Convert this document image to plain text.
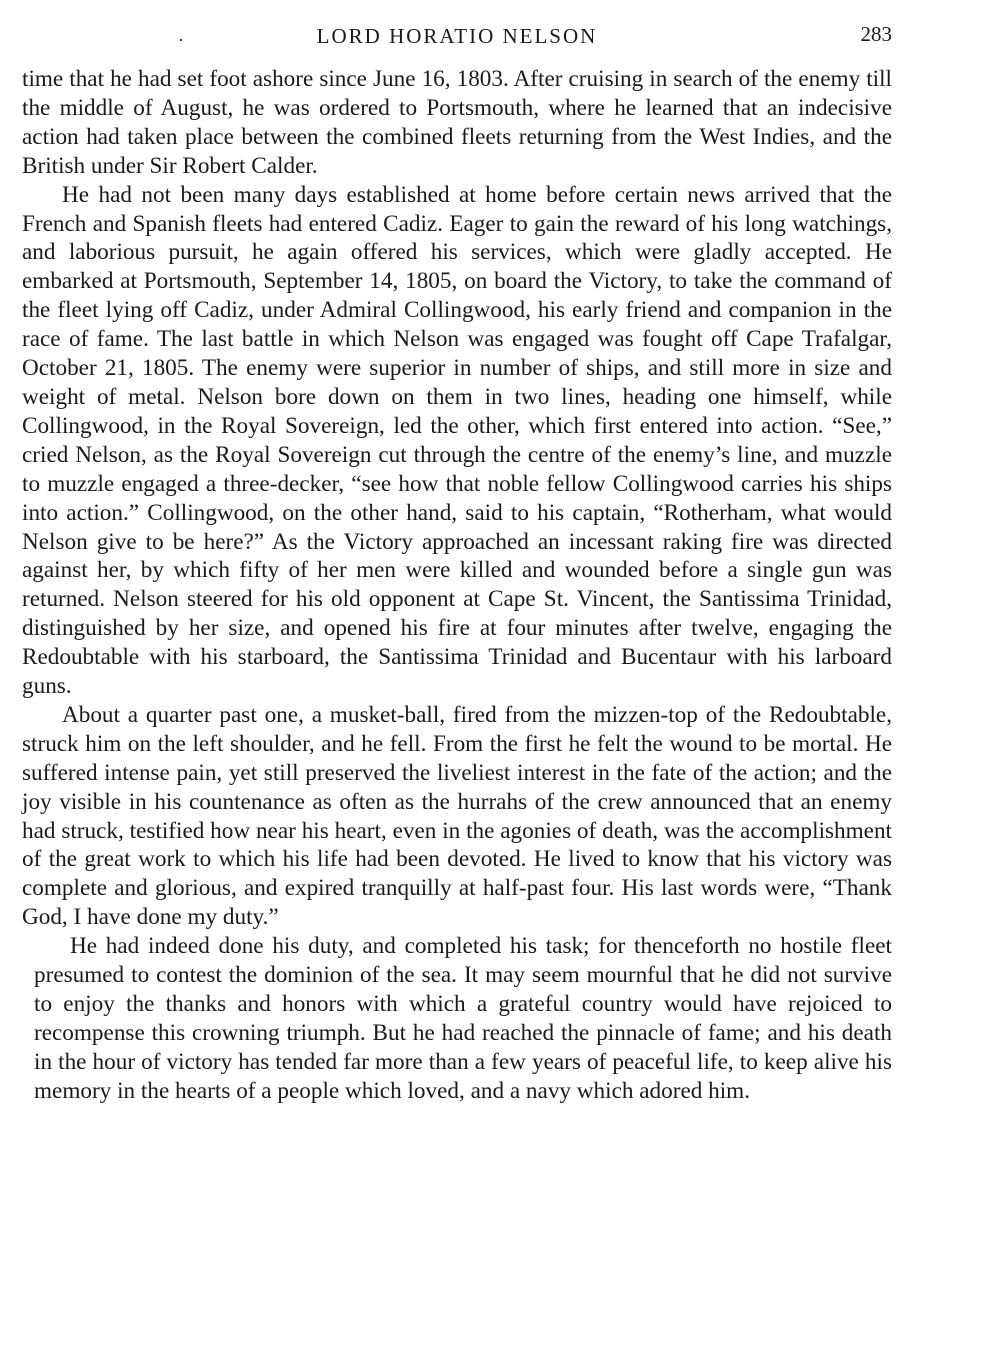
·	LORD HORATIO NELSON	283

time that he had set foot ashore since June 16, 1803. After cruising in search of the enemy till the middle of August, he was ordered to Portsmouth, where he learned that an indecisive action had taken place between the combined fleets returning from the West Indies, and the British under Sir Robert Calder.

He had not been many days established at home before certain news arrived that the French and Spanish fleets had entered Cadiz. Eager to gain the reward of his long watchings, and laborious pursuit, he again offered his services, which were gladly accepted. He embarked at Portsmouth, September 14, 1805, on board the Victory, to take the command of the fleet lying off Cadiz, under Admiral Collingwood, his early friend and companion in the race of fame. The last battle in which Nelson was engaged was fought off Cape Trafalgar, October 21, 1805. The enemy were superior in number of ships, and still more in size and weight of metal. Nelson bore down on them in two lines, heading one himself, while Collingwood, in the Royal Sovereign, led the other, which first entered into action. “See,” cried Nelson, as the Royal Sovereign cut through the centre of the enemy’s line, and muzzle to muzzle engaged a three-decker, “see how that noble fellow Collingwood carries his ships into action.” Collingwood, on the other hand, said to his captain, “Rotherham, what would Nelson give to be here?” As the Victory approached an incessant raking fire was directed against her, by which fifty of her men were killed and wounded before a single gun was returned. Nelson steered for his old opponent at Cape St. Vincent, the Santissima Trinidad, distinguished by her size, and opened his fire at four minutes after twelve, engaging the Redoubtable with his starboard, the Santissima Trinidad and Bucentaur with his larboard guns.

About a quarter past one, a musket-ball, fired from the mizzen-top of the Redoubtable, struck him on the left shoulder, and he fell. From the first he felt the wound to be mortal. He suffered intense pain, yet still preserved the liveliest interest in the fate of the action; and the joy visible in his countenance as often as the hurrahs of the crew announced that an enemy had struck, testified how near his heart, even in the agonies of death, was the accomplishment of the great work to which his life had been devoted. He lived to know that his victory was complete and glorious, and expired tranquilly at half-past four. His last words were, “Thank God, I have done my duty.”

He had indeed done his duty, and completed his task; for thenceforth no hostile fleet presumed to contest the dominion of the sea. It may seem mournful that he did not survive to enjoy the thanks and honors with which a grateful country would have rejoiced to recompense this crowning triumph. But he had reached the pinnacle of fame; and his death in the hour of victory has tended far more than a few years of peaceful life, to keep alive his memory in the hearts of a people which loved, and a navy which adored him.
